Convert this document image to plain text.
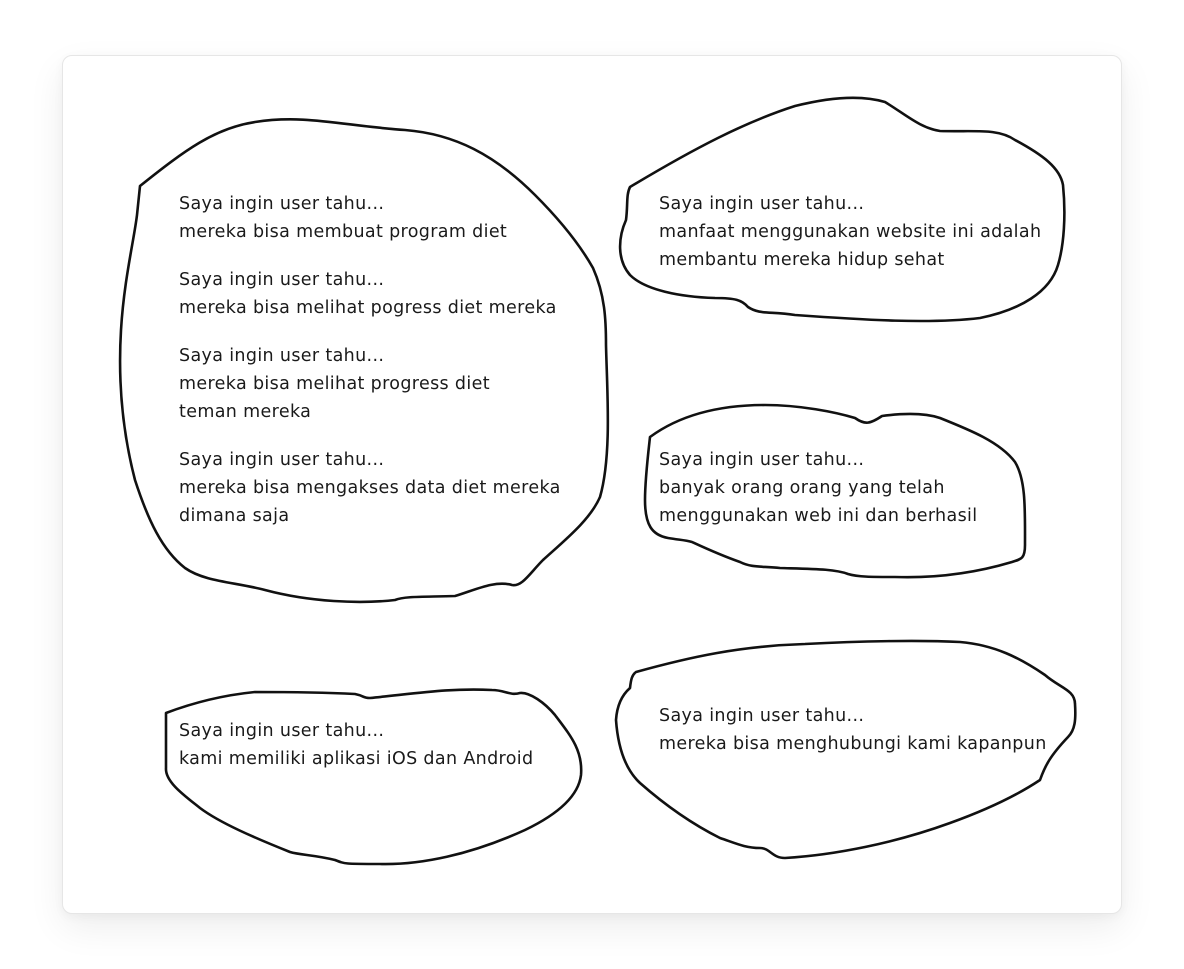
Saya ingin user tahu...
mereka bisa membuat program diet
Saya ingin user tahu...
mereka bisa melihat pogress diet mereka
Saya ingin user tahu...
mereka bisa melihat progress diet
teman mereka
Saya ingin user tahu...
mereka bisa mengakses data diet mereka
dimana saja
Saya ingin user tahu...
manfaat menggunakan website ini adalah
membantu mereka hidup sehat
Saya ingin user tahu...
banyak orang orang yang telah
menggunakan web ini dan berhasil
Saya ingin user tahu...
kami memiliki aplikasi iOS dan Android
Saya ingin user tahu...
mereka bisa menghubungi kami kapanpun
